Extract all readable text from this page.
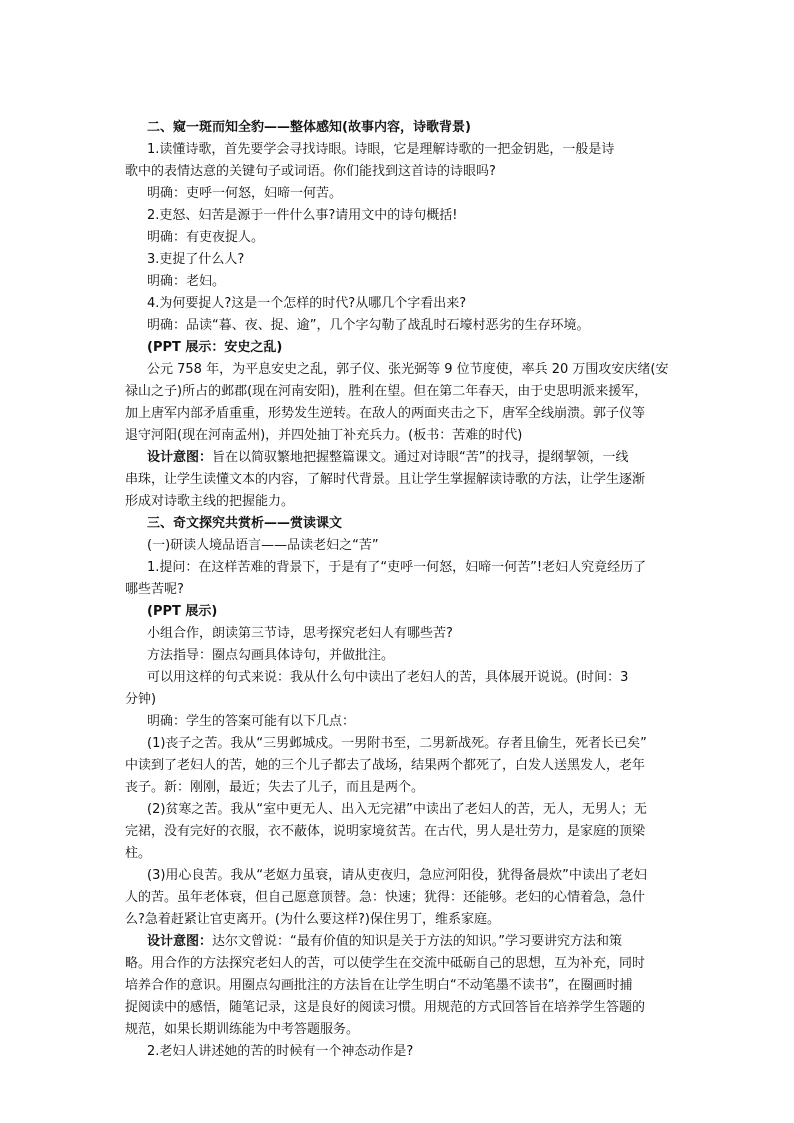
二、窥一斑而知全豹——整体感知(故事内容，诗歌背景)

1.读懂诗歌，首先要学会寻找诗眼。诗眼，它是理解诗歌的一把金钥匙，一般是诗

歌中的表情达意的关键句子或词语。你们能找到这首诗的诗眼吗?

明确：吏呼一何怒，妇啼一何苦。

2.吏怒、妇苦是源于一件什么事?请用文中的诗句概括!

明确：有吏夜捉人。

3.吏捉了什么人?

明确：老妇。

4.为何要捉人?这是一个怎样的时代?从哪几个字看出来?

明确：品读“暮、夜、捉、逾”，几个字勾勒了战乱时石壕村恶劣的生存环境。

(PPT 展示：安史之乱)

公元 758 年，为平息安史之乱，郭子仪、张光弼等 9 位节度使，率兵 20 万围攻安庆绪(安

禄山之子)所占的邺郡(现在河南安阳)，胜利在望。但在第二年春天，由于史思明派来援军，

加上唐军内部矛盾重重，形势发生逆转。在敌人的两面夹击之下，唐军全线崩溃。郭子仪等

退守河阳(现在河南孟州)，并四处抽丁补充兵力。(板书：苦难的时代)

设计意图：旨在以简驭繁地把握整篇课文。通过对诗眼“苦”的找寻，提纲挈领，一线

串珠，让学生读懂文本的内容，了解时代背景。且让学生掌握解读诗歌的方法，让学生逐渐

形成对诗歌主线的把握能力。

三、奇文探究共赏析——赏读课文

(一)研读人境品语言——品读老妇之“苦”

1.提问：在这样苦难的背景下，于是有了“吏呼一何怒，妇啼一何苦”!老妇人究竟经历了

哪些苦呢?

(PPT 展示)

小组合作，朗读第三节诗，思考探究老妇人有哪些苦?

方法指导：圈点勾画具体诗句，并做批注。

可以用这样的句式来说：我从什么句中读出了老妇人的苦，具体展开说说。(时间：3

分钟)

明确：学生的答案可能有以下几点：

(1)丧子之苦。我从“三男邺城戍。一男附书至，二男新战死。存者且偷生，死者长已矣”

中读到了老妇人的苦，她的三个儿子都去了战场，结果两个都死了，白发人送黑发人，老年

丧子。新：刚刚，最近；失去了儿子，而且是两个。

(2)贫寒之苦。我从“室中更无人、出入无完裙”中读出了老妇人的苦，无人，无男人；无

完裙，没有完好的衣服，衣不蔽体，说明家境贫苦。在古代，男人是壮劳力，是家庭的顶梁

柱。

(3)用心良苦。我从“老妪力虽衰，请从吏夜归，急应河阳役，犹得备晨炊”中读出了老妇

人的苦。虽年老体衰，但自己愿意顶替。急：快速；犹得：还能够。老妇的心情着急，急什

么?急着赶紧让官吏离开。(为什么要这样?)保住男丁，维系家庭。

设计意图：达尔文曾说：“最有价值的知识是关于方法的知识。”学习要讲究方法和策

略。用合作的方法探究老妇人的苦，可以使学生在交流中砥砺自己的思想，互为补充，同时

培养合作的意识。用圈点勾画批注的方法旨在让学生明白“不动笔墨不读书”，在圈画时捕

捉阅读中的感悟，随笔记录，这是良好的阅读习惯。用规范的方式回答旨在培养学生答题的

规范，如果长期训练能为中考答题服务。

2.老妇人讲述她的苦的时候有一个神态动作是?
